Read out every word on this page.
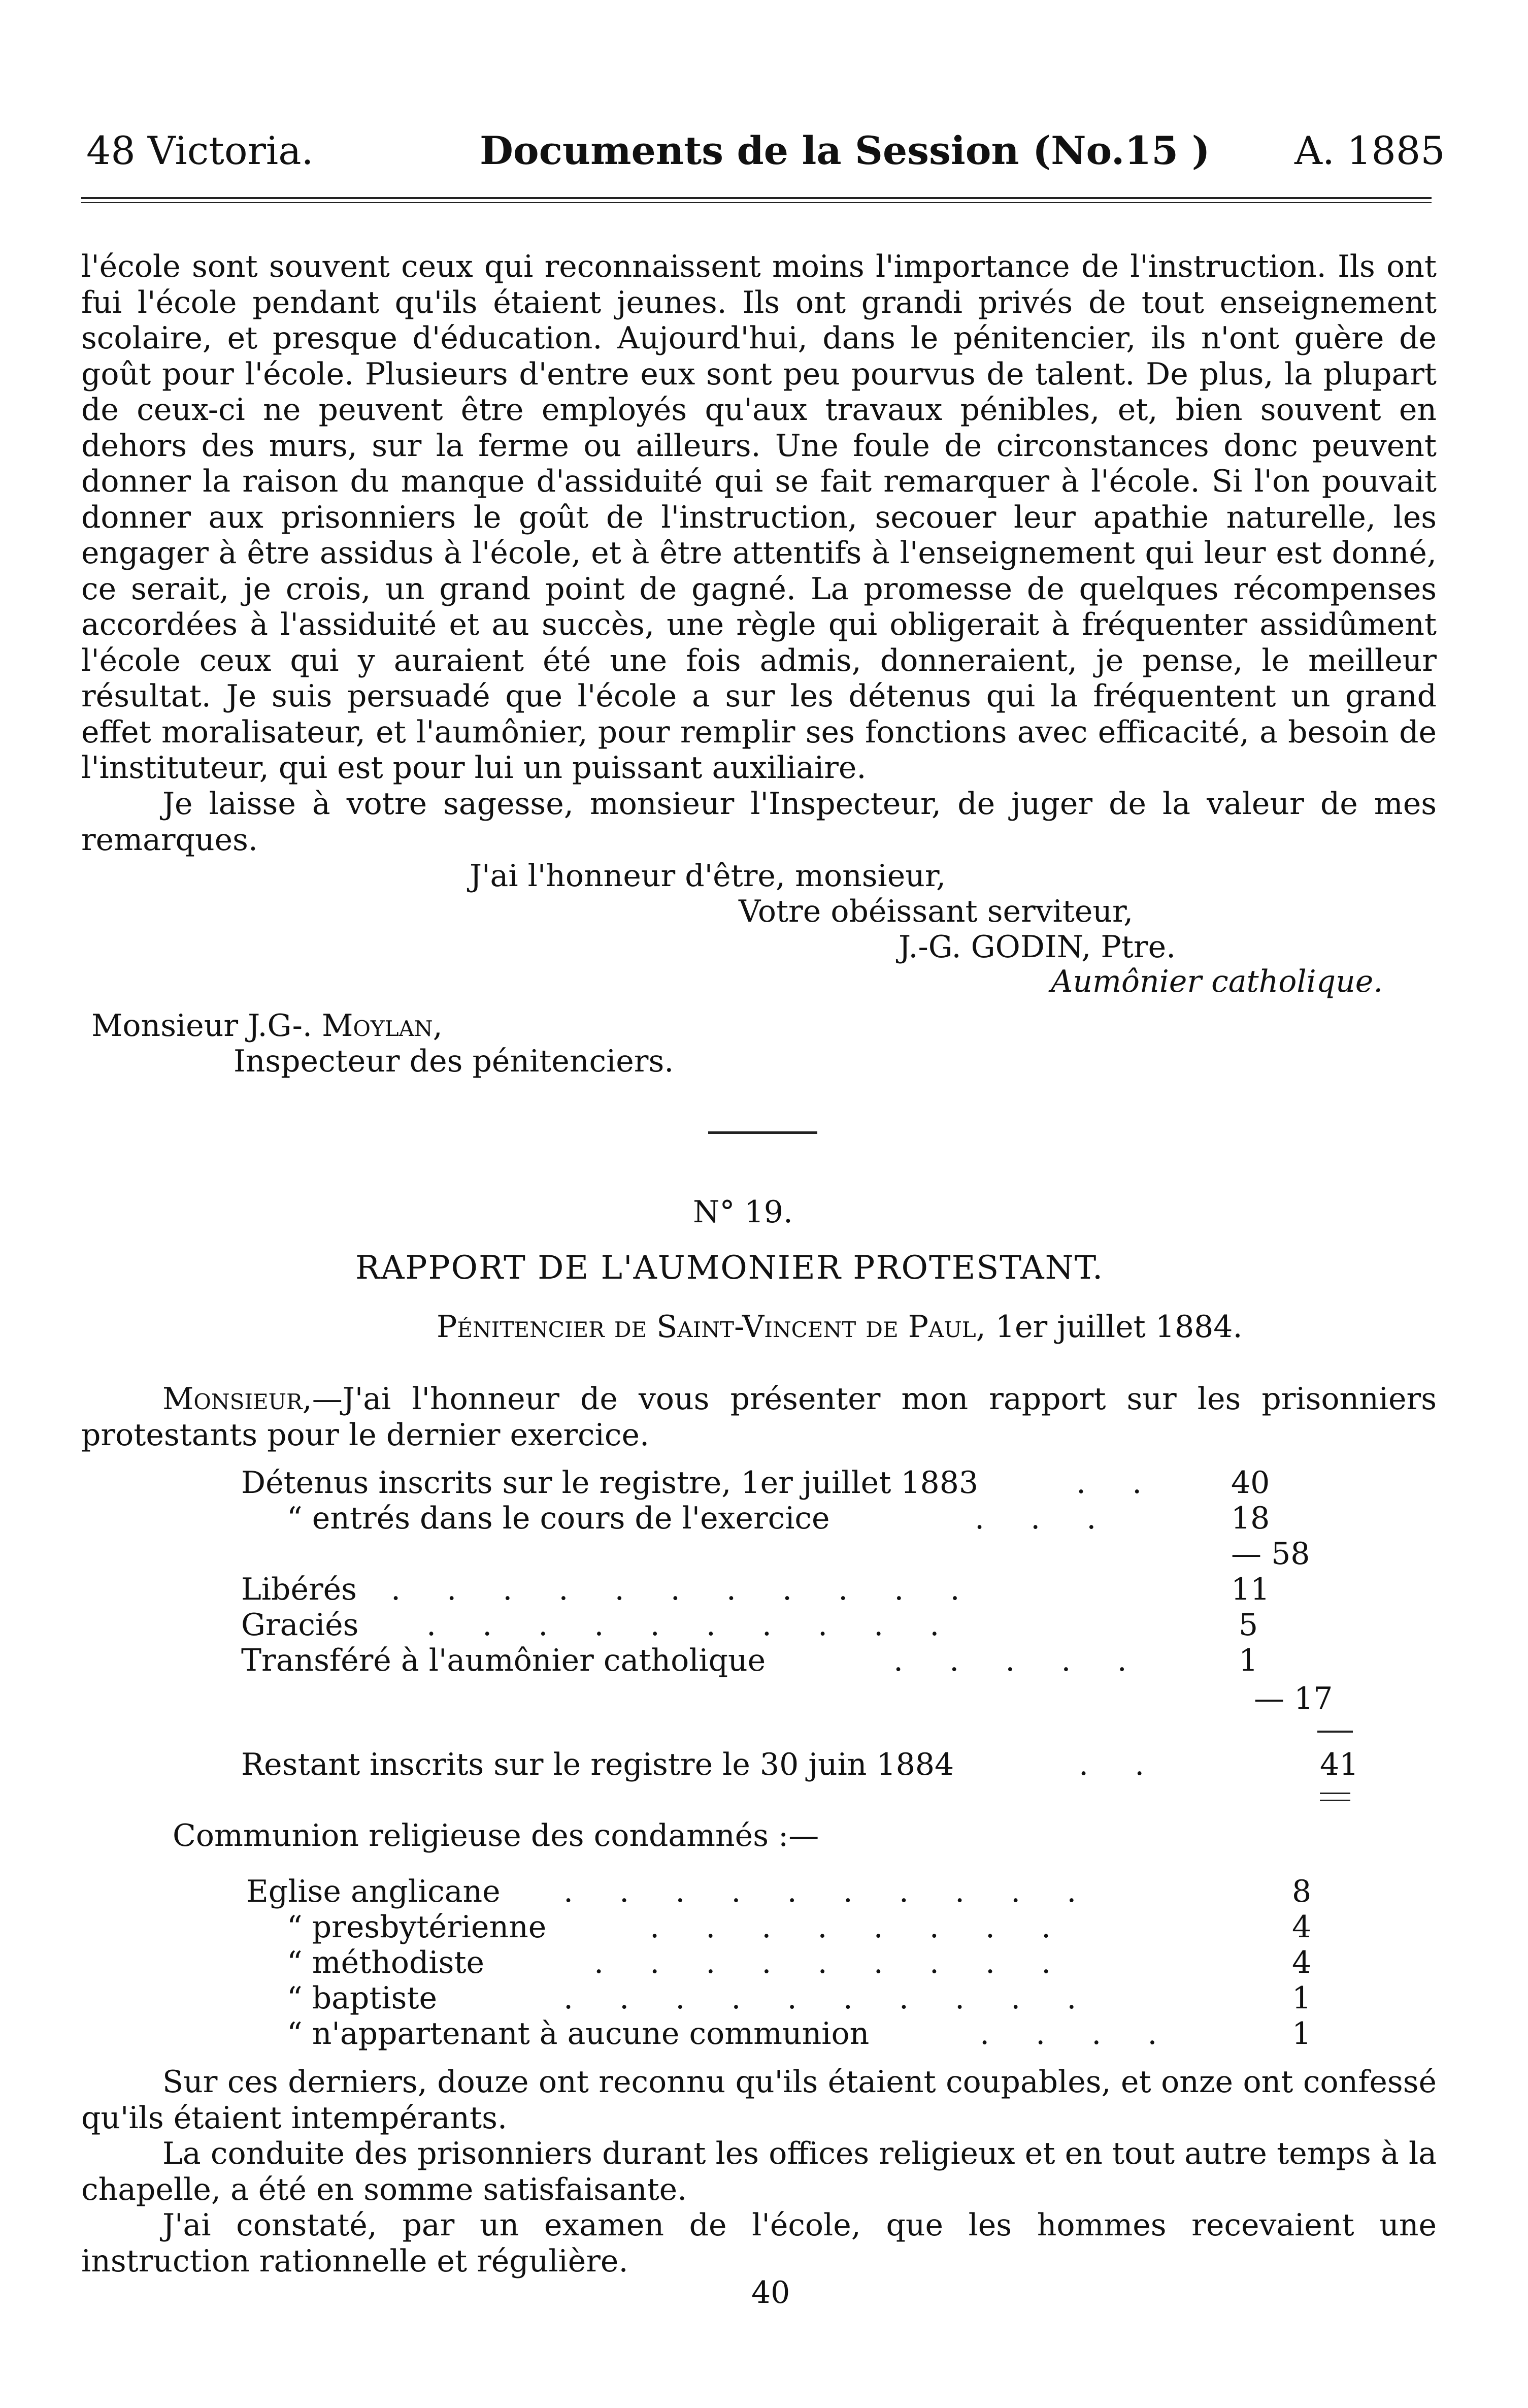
48 Victoria.	Documents de la Session (No.15 ) A. 1885

l'école sont souvent ceux qui reconnaissent moins l'importance de l'instruction. Ils ont fui l'école pendant qu'ils étaient jeunes. Ils ont grandi privés de tout enseignement scolaire, et presque d'éducation. Aujourd'hui, dans le pénitencier, ils n'ont guère de goût pour l'école. Plusieurs d'entre eux sont peu pourvus de talent. De plus, la plupart de ceux-ci ne peuvent être employés qu'aux travaux pénibles, et, bien souvent en dehors des murs, sur la ferme ou ailleurs. Une foule de circonstances donc peuvent donner la raison du manque d'assiduité qui se fait remarquer à l'école. Si l'on pouvait donner aux prisonniers le goût de l'instruction, secouer leur apathie naturelle, les engager à être assidus à l'école, et à être attentifs à l'enseignement qui leur est donné, ce serait, je crois, un grand point de gagné. La promesse de quelques récompenses accordées à l'assiduité et au succès, une règle qui obligerait à fréquenter assidûment l'école ceux qui y auraient été une fois admis, donneraient, je pense, le meilleur résultat. Je suis persuadé que l'école a sur les détenus qui la fréquentent un grand effet moralisateur, et l'aumônier, pour remplir ses fonctions avec efficacité, a besoin de l'instituteur, qui est pour lui un puissant auxiliaire.

Je laisse à votre sagesse, monsieur l'Inspecteur, de juger de la valeur de mes remarques.

J'ai l'honneur d'être, monsieur,
Votre obéissant serviteur,
J.-G. GODIN, Ptre.
Aumônier catholique.
Monsieur J.G-. Moylan,
Inspecteur des pénitenciers.
N° 19.
RAPPORT DE L'AUMONIER PROTESTANT.
Pénitencier de Saint-Vincent de Paul, 1er juillet 1884.

Monsieur,—J'ai l'honneur de vous présenter mon rapport sur les prisonniers protestants pour le dernier exercice.

Détenus inscrits sur le registre, 1er juillet 1883	. . 40
“ entrés dans le cours de l'exercice	. . .	18
— 58
Libérés . . . . . . . . . . .	11
Graciés . . . . . . . . . .	5
Transféré à l'aumônier catholique	. . . . .	1
— 17
Restant inscrits sur le registre le 30 juin 1884	. .	41
Communion religieuse des condamnés :—
Eglise anglicane . . . . . . . . . .	8
“ presbytérienne	. . . . . . . .	4
“ méthodiste	. . . . . . . . .	4
“ baptiste	. . . . . . . . . .	1
“ n'appartenant à aucune communion	. . . .	1

Sur ces derniers, douze ont reconnu qu'ils étaient coupables, et onze ont confessé qu'ils étaient intempérants.

La conduite des prisonniers durant les offices religieux et en tout autre temps à la chapelle, a été en somme satisfaisante.

J'ai constaté, par un examen de l'école, que les hommes recevaient une instruction rationnelle et régulière.

40
